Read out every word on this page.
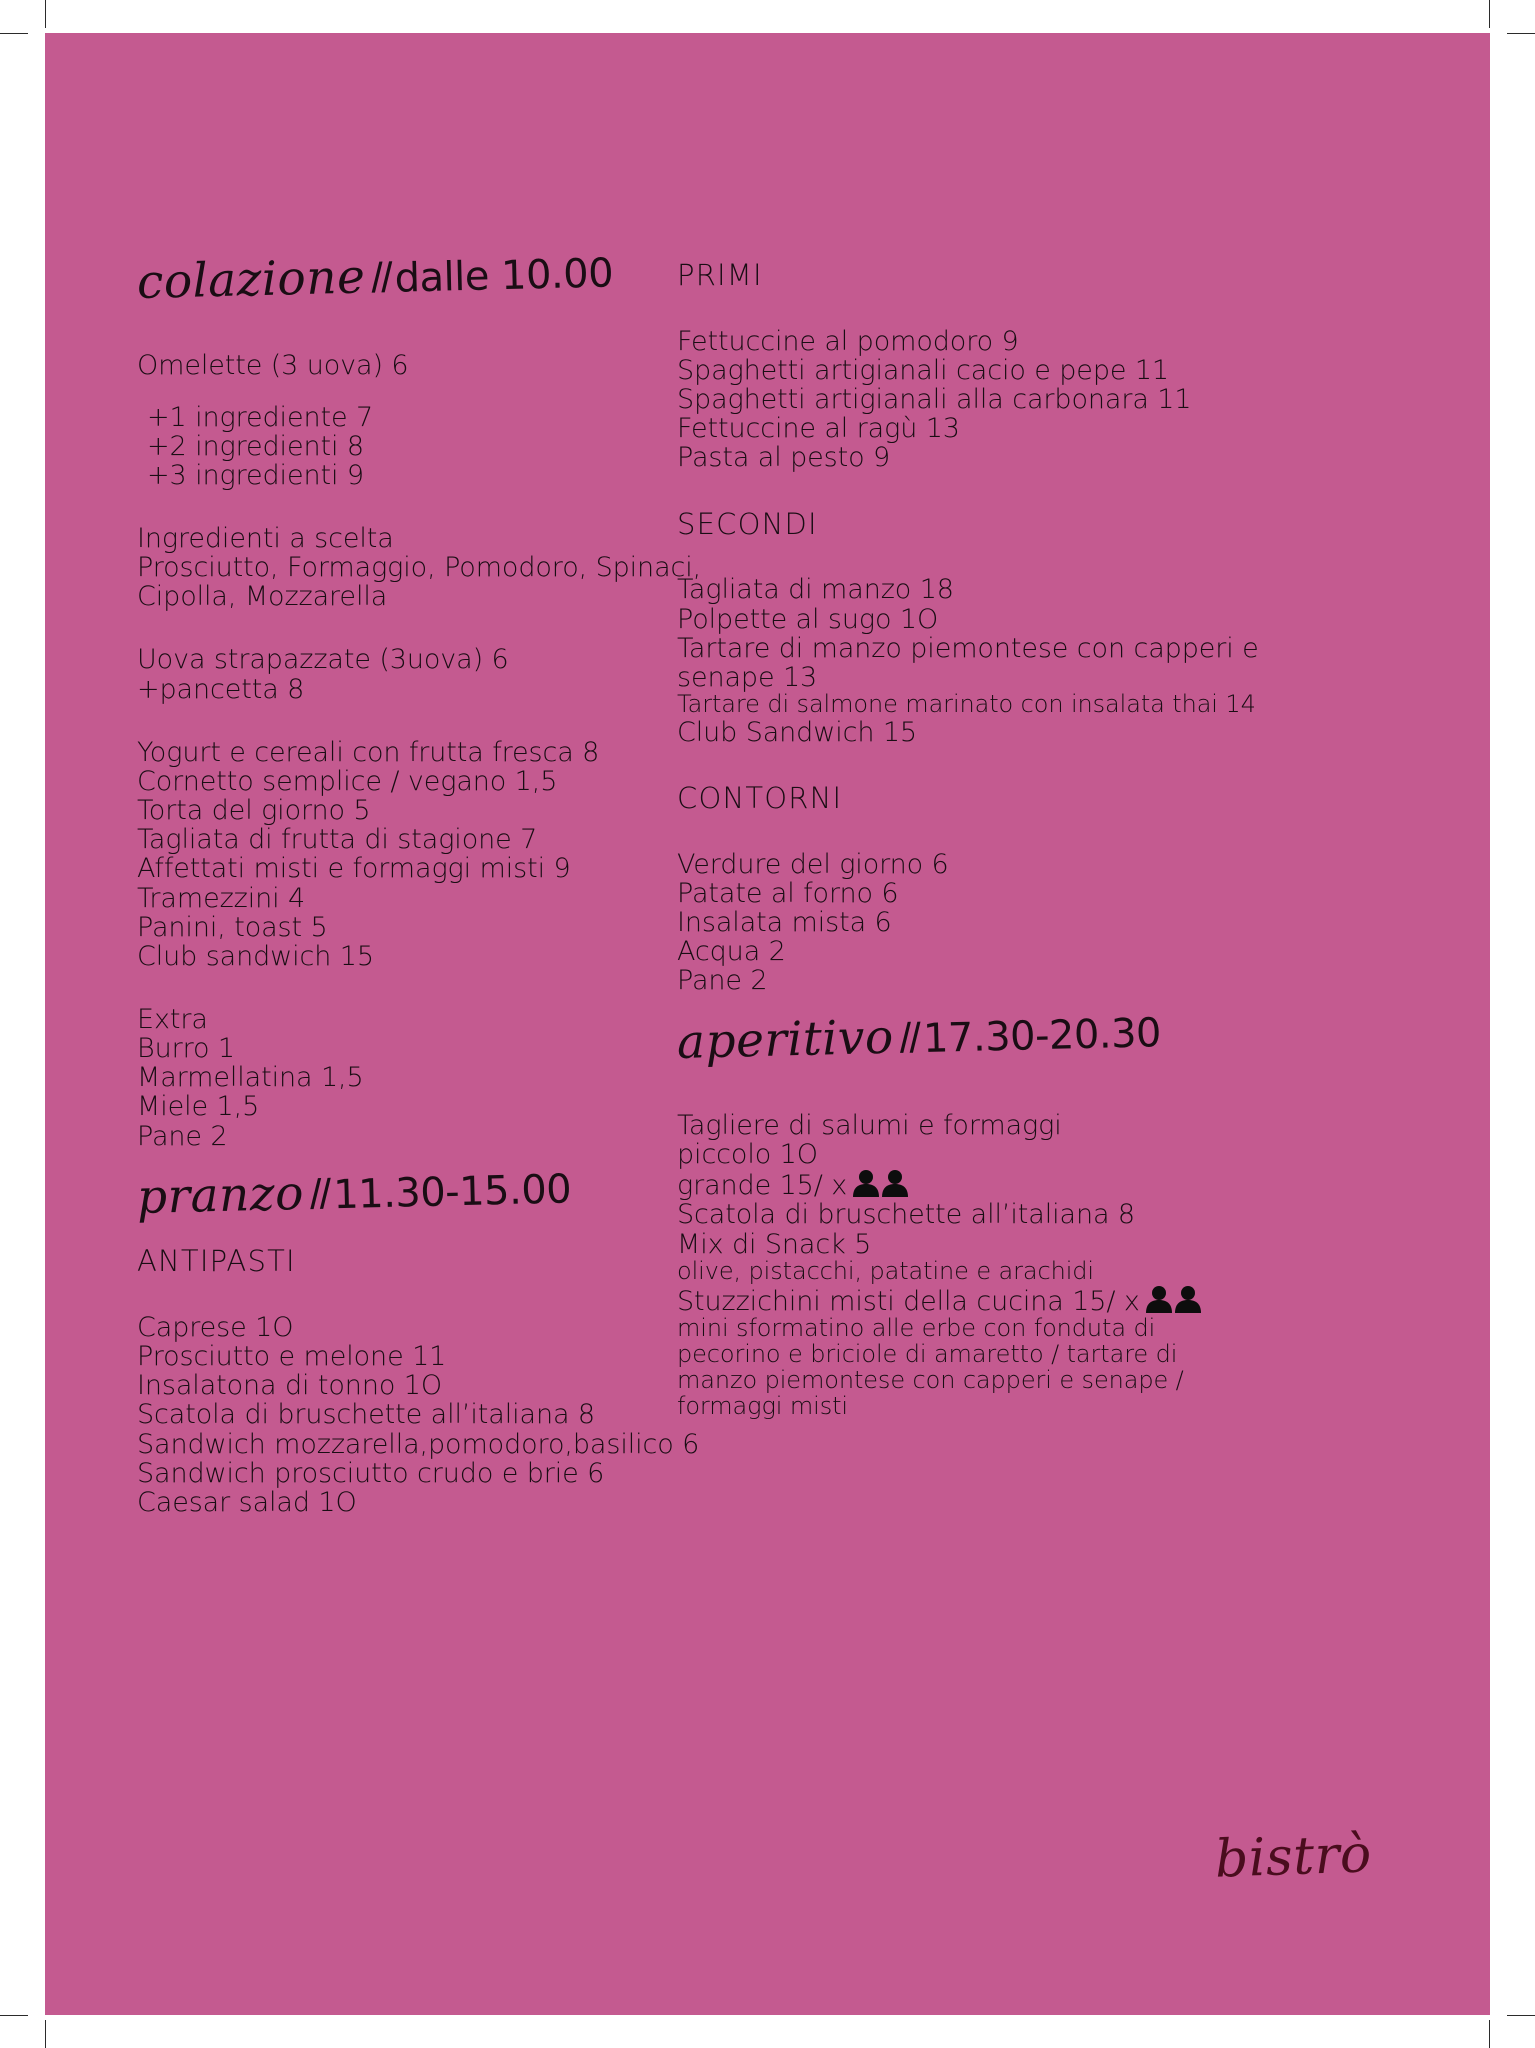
colazione //dalle 10.00
Omelette (3 uova) 6
+1 ingrediente 7
+2 ingredienti 8
+3 ingredienti 9
Ingredienti a scelta
Prosciutto, Formaggio, Pomodoro, Spinaci,
Cipolla, Mozzarella
Uova strapazzate (3uova) 6
+pancetta 8
Yogurt e cereali con frutta fresca 8
Cornetto semplice / vegano 1,5
Torta del giorno 5
Tagliata di frutta di stagione 7
Affettati misti e formaggi misti 9
Tramezzini 4
Panini, toast 5
Club sandwich 15
Extra
Burro 1
Marmellatina 1,5
Miele 1,5
Pane 2
pranzo //11.30-15.00
ANTIPASTI
Caprese 1O
Prosciutto e melone 11
Insalatona di tonno 1O
Scatola di bruschette all’italiana 8
Sandwich mozzarella,pomodoro,basilico 6
Sandwich prosciutto crudo e brie 6
Caesar salad 1O
PRIMI
Fettuccine al pomodoro 9
Spaghetti artigianali cacio e pepe 11
Spaghetti artigianali alla carbonara 11
Fettuccine al ragù 13
Pasta al pesto 9
SECONDI
Tagliata di manzo 18
Polpette al sugo 1O
Tartare di manzo piemontese con capperi e
senape 13
Tartare di salmone marinato con insalata thai 14
Club Sandwich 15
CONTORNI
Verdure del giorno 6
Patate al forno 6
Insalata mista 6
Acqua 2
Pane 2
aperitivo //17.30-20.30
Tagliere di salumi e formaggi
piccolo 1O
grande 15/ x
Scatola di bruschette all’italiana 8
Mix di Snack 5
olive, pistacchi, patatine e arachidi
Stuzzichini misti della cucina 15/ x
mini sformatino alle erbe con fonduta di
pecorino e briciole di amaretto / tartare di
manzo piemontese con capperi e senape /
formaggi misti
bistrò
